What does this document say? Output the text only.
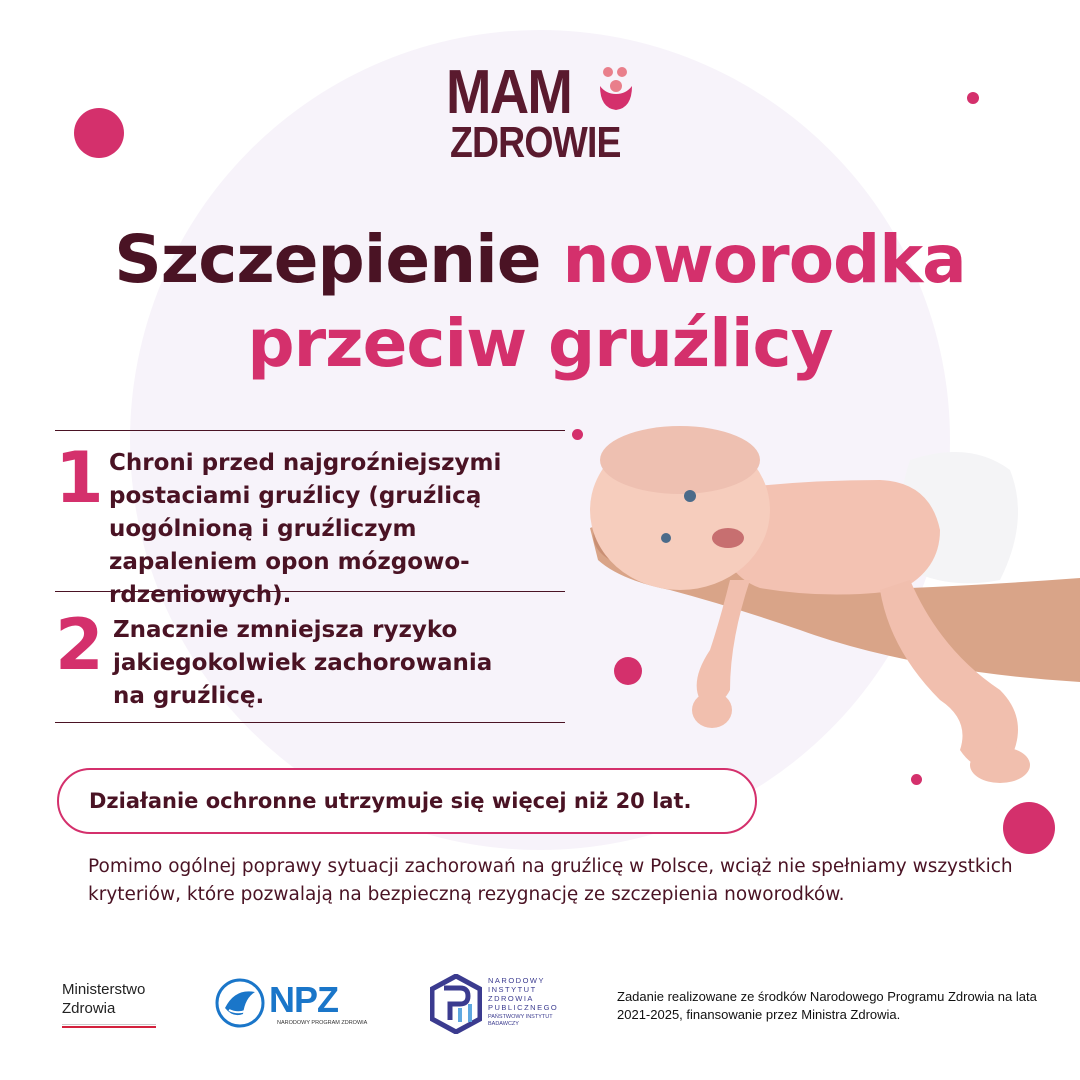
MAM
ZDROWIE
Szczepienie noworodka
przeciw gruźlicy
1 Chroni przed najgroźniejszymi postaciami gruźlicy (gruźlicą uogólnioną i gruźliczym zapaleniem opon mózgowo-rdzeniowych).
2 Znacznie zmniejsza ryzyko jakiegokolwiek zachorowania na gruźlicę.
Działanie ochronne utrzymuje się więcej niż 20 lat.
Pomimo ogólnej poprawy sytuacji zachorowań na gruźlicę w Polsce, wciąż nie spełniamy wszystkich kryteriów, które pozwalają na bezpieczną rezygnację ze szczepienia noworodków.
Ministerstwo
Zdrowia	NPZ
NARODOWY PROGRAM ZDROWIA
NARODOWY
INSTYTUT
ZDROWIA
PUBLICZNEGO
PAŃSTWOWY INSTYTUT BADAWCZY
Zadanie realizowane ze środków Narodowego Programu Zdrowia na lata 2021-2025, finansowanie przez Ministra Zdrowia.
